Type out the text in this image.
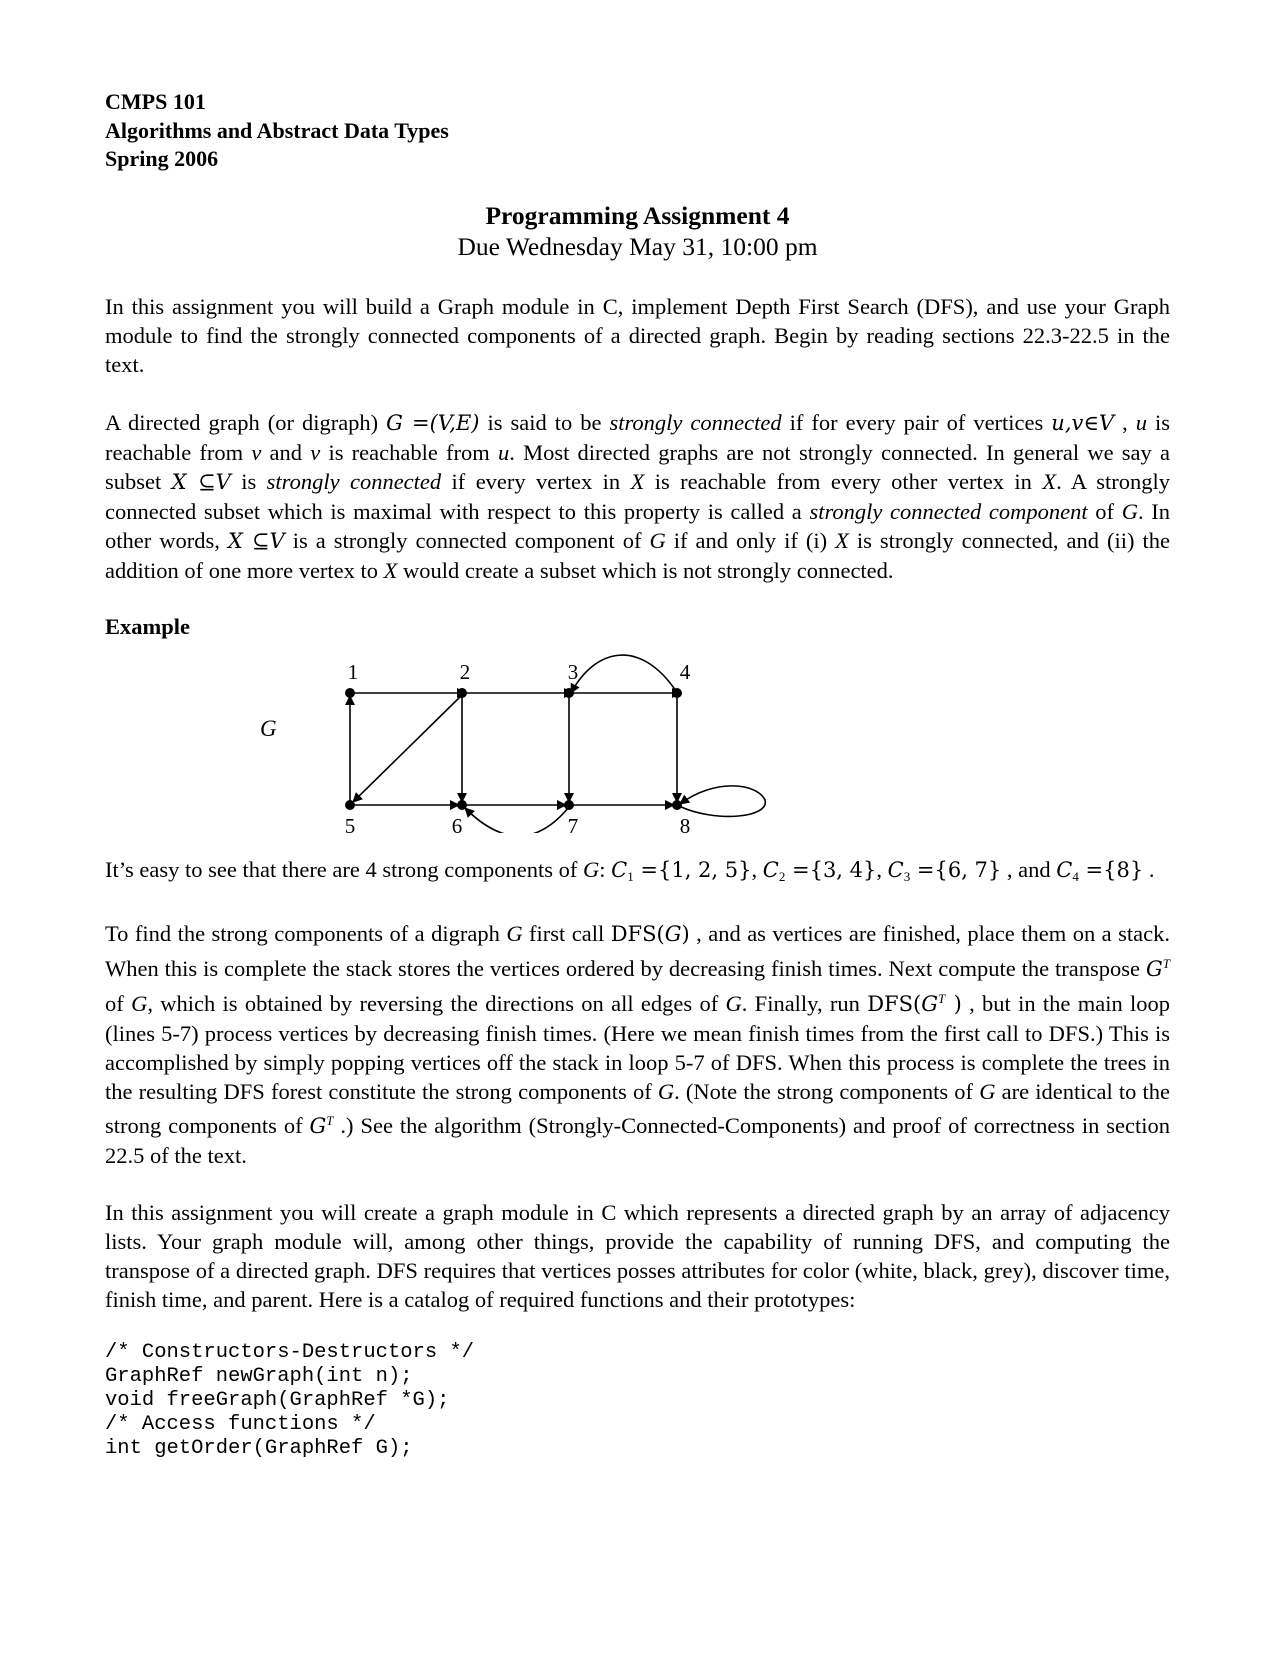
CMPS 101
Algorithms and Abstract Data Types
Spring 2006
Programming Assignment 4
Due Wednesday May 31, 10:00 pm

In this assignment you will build a Graph module in C, implement Depth First Search (DFS), and use your Graph module to find the strongly connected components of a directed graph. Begin by reading sections 22.3-22.5 in the text.

A directed graph (or digraph) G =(V,E) is said to be strongly connected if for every pair of vertices u,v∈V , u is reachable from v and v is reachable from u. Most directed graphs are not strongly connected. In general we say a subset X ⊆V is strongly connected if every vertex in X is reachable from every other vertex in X. A strongly connected subset which is maximal with respect to this property is called a strongly connected component of G. In other words, X ⊆V is a strongly connected component of G if and only if (i) X is strongly connected, and (ii) the addition of one more vertex to X would create a subset which is not strongly connected.

Example
G
1	2	3	4
5	6	7	8

It’s easy to see that there are 4 strong components of G: $C_1 =\{1$, 2, 5}, $C_2 =\{3$, 4}, $C_3 =\{6$, 7} , and $C_4 =\{8\}$ .

To find the strong components of a digraph G first call DFS(G) , and as vertices are finished, place them on a stack. When this is complete the stack stores the vertices ordered by decreasing finish times. Next compute the transpose $G^T$ of G, which is obtained by reversing the directions on all edges of G. Finally, run $DFS(G^T$ ) , but in the main loop (lines 5-7) process vertices by decreasing finish times. (Here we mean finish times from the first call to DFS.) This is accomplished by simply popping vertices off the stack in loop 5-7 of DFS. When this process is complete the trees in the resulting DFS forest constitute the strong components of G. (Note the strong components of G are identical to the strong components of $G^T$ .) See the algorithm (Strongly-Connected-Components) and proof of correctness in section 22.5 of the text.

In this assignment you will create a graph module in C which represents a directed graph by an array of adjacency lists. Your graph module will, among other things, provide the capability of running DFS, and computing the transpose of a directed graph. DFS requires that vertices posses attributes for color (white, black, grey), discover time, finish time, and parent. Here is a catalog of required functions and their prototypes:

/* Constructors-Destructors */
GraphRef newGraph(int n);
void freeGraph(GraphRef *G);
/* Access functions */
int getOrder(GraphRef G);
